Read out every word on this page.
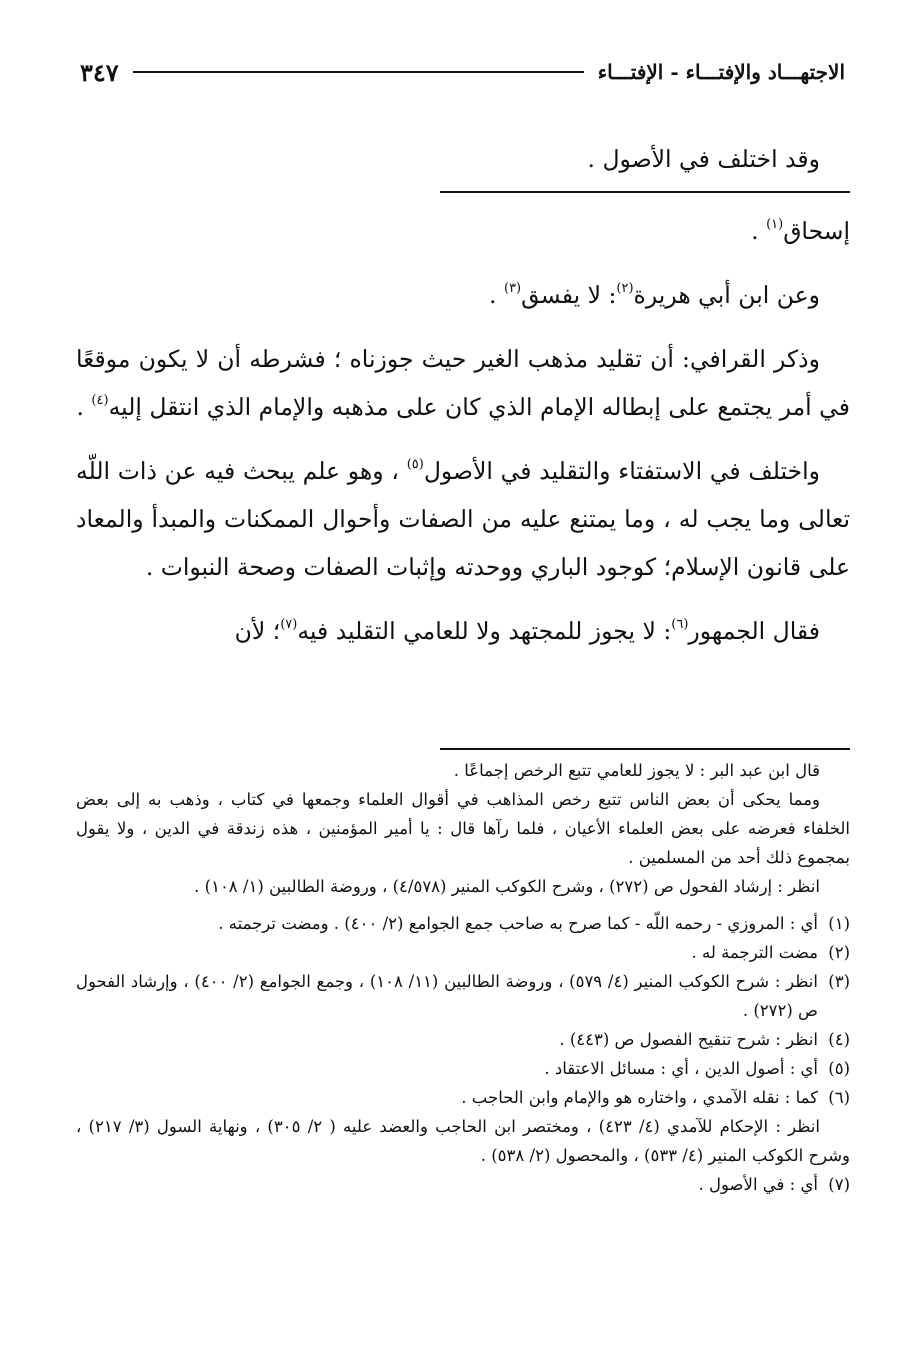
الاجتهـــاد والإفتـــاء - الإفتـــاء
٣٤٧

وقد اختلف في الأصول .

إسحاق$^{(١)}$ .

وعن ابن أبي هريرة$^{(٢)}$: لا يفسق$^{(٣)}$ .

وذكر القرافي: أن تقليد مذهب الغير حيث جوزناه ؛ فشرطه أن لا يكون موقعًا في أمر يجتمع على إبطاله الإمام الذي كان على مذهبه والإمام الذي انتقل إليه$^{(٤)}$ .

واختلف في الاستفتاء والتقليد في الأصول$^{(٥)}$ ، وهو علم يبحث فيه عن ذات اللّه تعالى وما يجب له ، وما يمتنع عليه من الصفات وأحوال الممكنات والمبدأ والمعاد على قانون الإسلام؛ كوجود الباري ووحدته وإثبات الصفات وصحة النبوات .

فقال الجمهور$^{(٦)}$: لا يجوز للمجتهد ولا للعامي التقليد فيه$^{(٧)}$؛ لأن

قال ابن عبد البر : لا يجوز للعامي تتبع الرخص إجماعًا .

ومما يحكى أن بعض الناس تتبع رخص المذاهب في أقوال العلماء وجمعها في كتاب ، وذهب به إلى بعض الخلفاء فعرضه على بعض العلماء الأعيان ، فلما رآها قال : يا أمير المؤمنين ، هذه زندقة في الدين ، ولا يقول بمجموع ذلك أحد من المسلمين .

انظر : إرشاد الفحول ص (٢٧٢) ، وشرح الكوكب المنير (٤/٥٧٨) ، وروضة الطالبين (١/ ١٠٨) .

(١)
أي : المروزي - رحمه اللّه - كما صرح به صاحب جمع الجوامع (٢/ ٤٠٠) . ومضت ترجمته .

(٢)
مضت الترجمة له .

(٣)
انظر : شرح الكوكب المنير (٤/ ٥٧٩) ، وروضة الطالبين (١١/ ١٠٨) ، وجمع الجوامع (٢/ ٤٠٠) ، وإرشاد الفحول ص (٢٧٢) .

(٤)
انظر : شرح تنقيح الفصول ص (٤٤٣) .

(٥)
أي : أصول الدين ، أي : مسائل الاعتقاد .

(٦)
كما : نقله الآمدي ، واختاره هو والإمام وابن الحاجب .

انظر : الإحكام للآمدي (٤/ ٤٢٣) ، ومختصر ابن الحاجب والعضد عليه ( ٢/ ٣٠٥) ، ونهاية السول (٣/ ٢١٧) ، وشرح الكوكب المنير (٤/ ٥٣٣) ، والمحصول (٢/ ٥٣٨) .

(٧)
أي : في الأصول .
